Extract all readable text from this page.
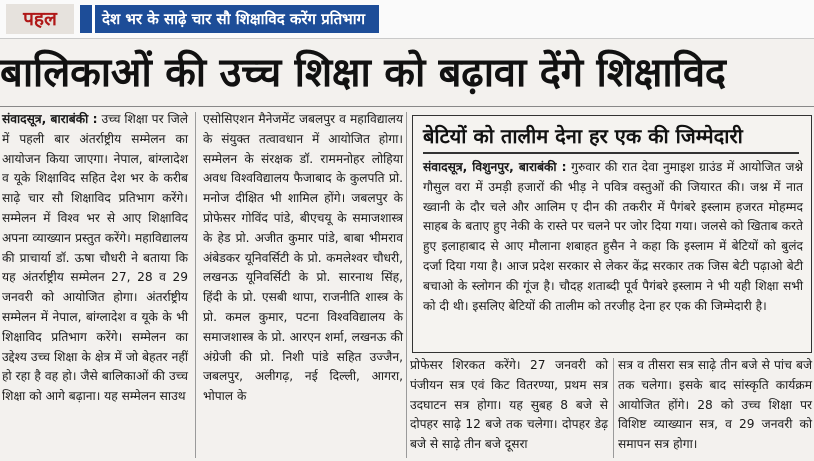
पहल	देश भर के साढ़े चार सौ शिक्षाविद करेंग प्रतिभाग
बालिकाओं की उच्च शिक्षा को बढ़ावा देंगे शिक्षाविद

संवादसूत्र, बाराबंकी : उच्च शिक्षा पर जिले में पहली बार अंतर्राष्ट्रीय सम्मेलन का आयोजन किया जाएगा। नेपाल, बांग्लादेश व यूके शिक्षाविद सहित देश भर के करीब साढ़े चार सौ शिक्षाविद प्रतिभाग करेंगे।सम्मेलन में विश्व भर से आए शिक्षाविद अपना व्याख्यान प्रस्तुत करेंगे। महाविद्यालय की प्राचार्या डॉ. ऊषा चौधरी ने बताया कि यह अंतर्राष्ट्रीय सम्मेलन 27, 28 व 29 जनवरी को आयोजित होगा। अंतर्राष्ट्रीय सम्मेलन में नेपाल, बांग्लादेश व यूके के भी शिक्षाविद प्रतिभाग करेंगे। सम्मेलन का उद्देश्य उच्च शिक्षा के क्षेत्र में जो बेहतर नहीं हो रहा है वह हो। जैसे बालिकाओं की उच्च शिक्षा को आगे बढ़ाना। यह सम्मेलन साउथ

एसोसिएशन मैनेजमेंट जबलपुर व महाविद्यालय के संयुक्त तत्वावधान में आयोजित होगा। सम्मेलन के संरक्षक डॉ. राममनोहर लोहिया अवध विश्वविद्यालय फैजाबाद के कुलपति प्रो. मनोज दीक्षित भी शामिल होंगे। जबलपुर के प्रोफेसर गोविंद पांडे, बीएचयू के समाजशास्त्र के हेड प्रो. अजीत कुमार पांडे, बाबा भीमराव अंबेडकर यूनिवर्सिटी के प्रो. कमलेश्वर चौधरी, लखनऊ यूनिवर्सिटी के प्रो. सारनाथ सिंह, हिंदी के प्रो. एसबी थापा, राजनीति शास्त्र के प्रो. कमल कुमार, पटना विश्वविद्यालय के समाजशास्त्र के प्रो. आरएन शर्मा, लखनऊ की अंग्रेजी की प्रो. निशी पांडे सहित उज्जैन, जबलपुर, अलीगढ़, नई दिल्ली, आगरा, भोपाल के

बेटियों को तालीम देना हर एक की जिम्मेदारी

संवादसूत्र, विशुनपुर, बाराबंकी : गुरुवार की रात देवा नुमाइश ग्राउंड में आयोजित जश्ने गौसुल वरा में उमड़ी हजारों की भीड़ ने पवित्र वस्तुओं की जियारत की। जश्न में नात ख्वानी के दौर चले और आलिम ए दीन की तकरीर में पैगंबरे इस्लाम हजरत मोहम्मद साहब के बताए हुए नेकी के रास्ते पर चलने पर जोर दिया गया। जलसे को खिताब करते हुए इलाहाबाद से आए मौलाना शबाहत हुसैन ने कहा कि इस्लाम में बेटियों को बुलंद दर्जा दिया गया है। आज प्रदेश सरकार से लेकर केंद्र सरकार तक जिस बेटी पढ़ाओ बेटी बचाओ के स्लोगन की गूंज है। चौदह शताब्दी पूर्व पैगंबरे इस्लाम ने भी यही शिक्षा सभी को दी थी। इसलिए बेटियों की तालीम को तरजीह देना हर एक की जिम्मेदारी है।

प्रोफेसर शिरकत करेंगे। 27 जनवरी को पंजीयन सत्र एवं किट वितरण्या, प्रथम सत्र उदघाटन सत्र होगा। यह सुबह 8 बजे से दोपहर साढ़े 12 बजे तक चलेगा। दोपहर डेढ़ बजे से साढ़े तीन बजे दूसरा

सत्र व तीसरा सत्र साढ़े तीन बजे से पांच बजे तक चलेगा। इसके बाद सांस्कृति कार्यक्रम आयोजित होंगे। 28 को उच्च शिक्षा पर विशिष्ट व्याख्यान सत्र, व 29 जनवरी को समापन सत्र होगा।
